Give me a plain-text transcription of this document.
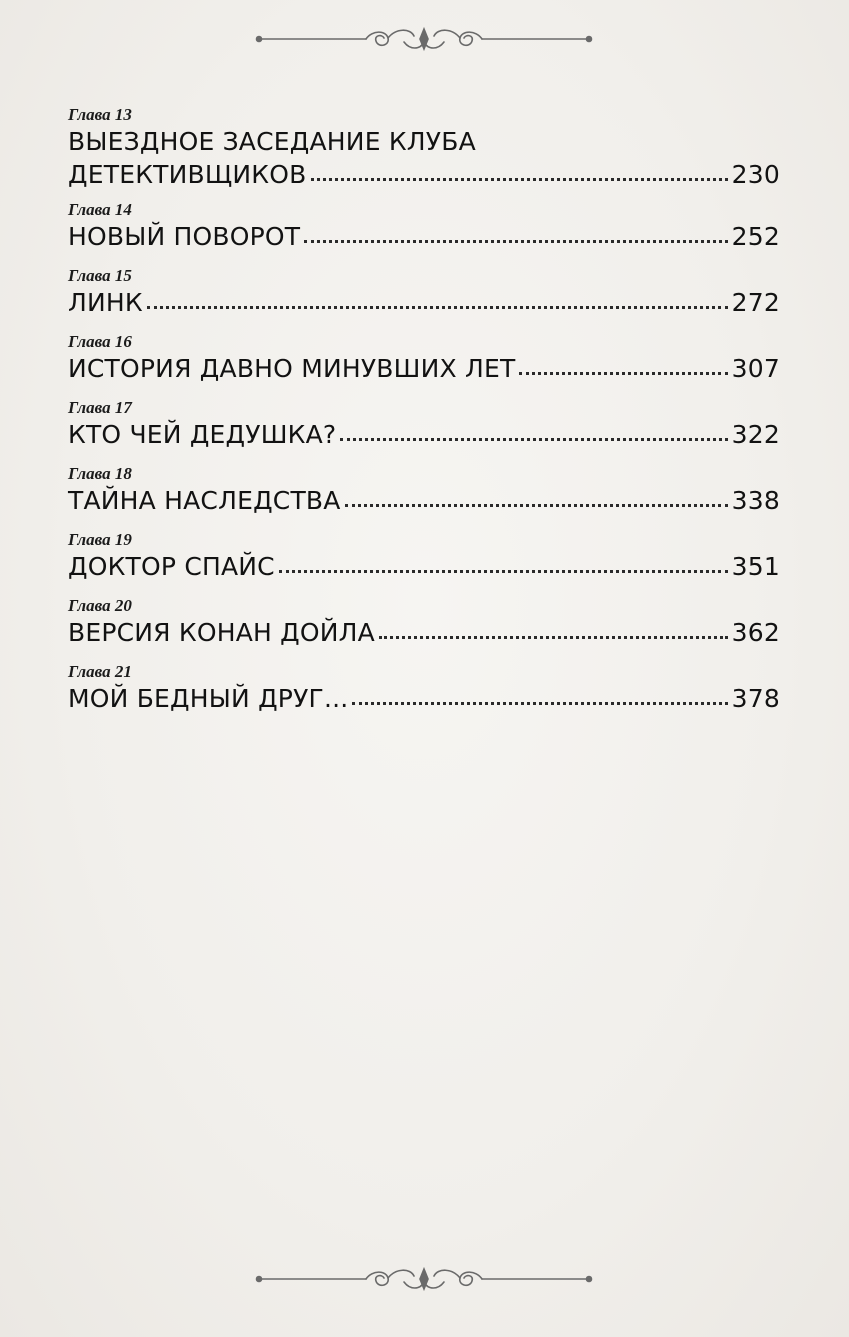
Глава 13
ВЫЕЗДНОЕ ЗАСЕДАНИЕ КЛУБА
ДЕТЕКТИВЩИКОВ	230
Глава 14
НОВЫЙ ПОВОРОТ	252
Глава 15
ЛИНК	272
Глава 16
ИСТОРИЯ ДАВНО МИНУВШИХ ЛЕТ	307
Глава 17
КТО ЧЕЙ ДЕДУШКА?	322
Глава 18
ТАЙНА НАСЛЕДСТВА	338
Глава 19
ДОКТОР СПАЙС	351
Глава 20
ВЕРСИЯ КОНАН ДОЙЛА	362
Глава 21
МОЙ БЕДНЫЙ ДРУГ...	378
